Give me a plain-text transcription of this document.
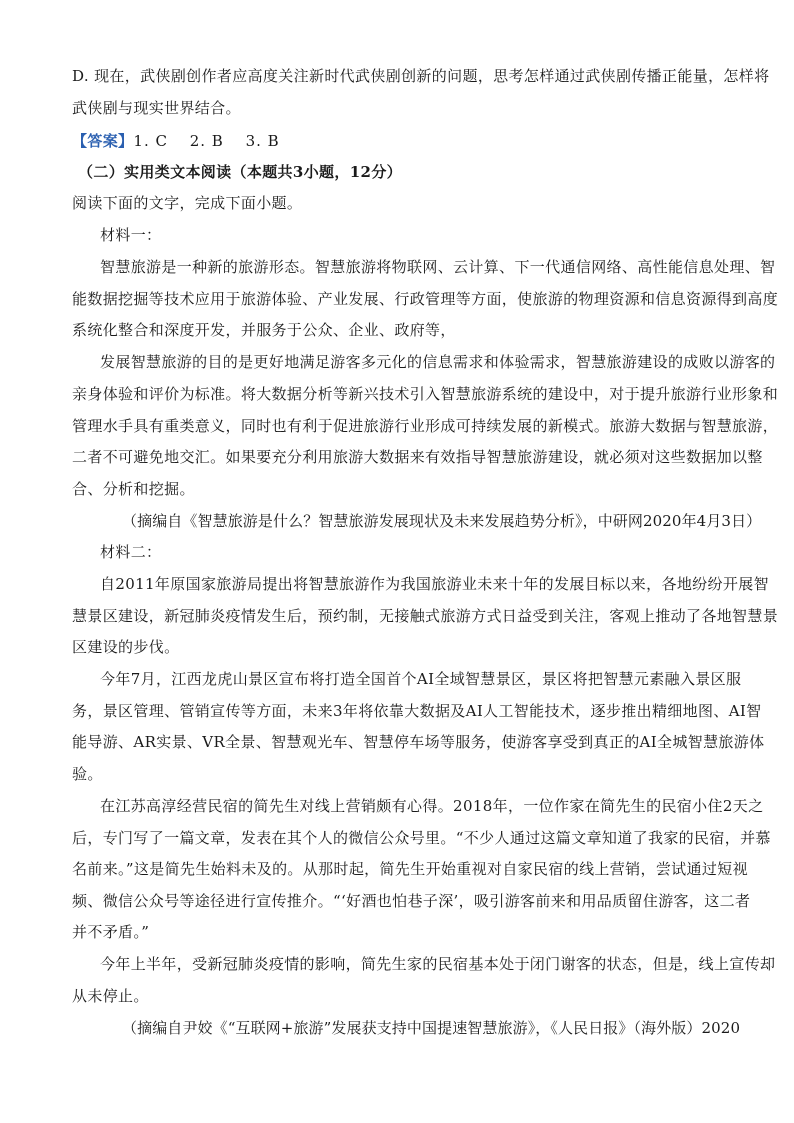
D. 现在，武侠剧创作者应高度关注新时代武侠剧创新的问题，思考怎样通过武侠剧传播正能量，怎样将
武侠剧与现实世界结合。
【答案】1. C　 2. B　 3. B
（二）实用类文本阅读（本题共3小题，12分）
阅读下面的文字，完成下面小题。
材料一：
智慧旅游是一种新的旅游形态。智慧旅游将物联网、云计算、下一代通信网络、高性能信息处理、智
能数据挖掘等技术应用于旅游体验、产业发展、行政管理等方面，使旅游的物理资源和信息资源得到高度
系统化整合和深度开发，并服务于公众、企业、政府等，
发展智慧旅游的目的是更好地满足游客多元化的信息需求和体验需求，智慧旅游建设的成败以游客的
亲身体验和评价为标准。将大数据分析等新兴技术引入智慧旅游系统的建设中，对于提升旅游行业形象和
管理水手具有重类意义，同时也有利于促进旅游行业形成可持续发展的新模式。旅游大数据与智慧旅游，
二者不可避免地交汇。如果要充分利用旅游大数据来有效指导智慧旅游建设，就必须对这些数据加以整
合、分析和挖掘。
（摘编自《智慧旅游是什么？智慧旅游发展现状及未来发展趋势分析》，中研网2020年4月3日）
材料二：
自2011年原国家旅游局提出将智慧旅游作为我国旅游业未来十年的发展目标以来，各地纷纷开展智
慧景区建设，新冠肺炎疫情发生后，预约制，无接触式旅游方式日益受到关注，客观上推动了各地智慧景
区建设的步伐。
今年7月，江西龙虎山景区宣布将打造全国首个AI全域智慧景区，景区将把智慧元素融入景区服
务，景区管理、管销宣传等方面，未来3年将依靠大数据及AI人工智能技术，逐步推出精细地图、AI智
能导游、AR实景、VR全景、智慧观光车、智慧停车场等服务，使游客享受到真正的AI全城智慧旅游体
验。
在江苏高淳经营民宿的简先生对线上营销颇有心得。2018年，一位作家在简先生的民宿小住2天之
后，专门写了一篇文章，发表在其个人的微信公众号里。“不少人通过这篇文章知道了我家的民宿，并慕
名前来。”这是简先生始料未及的。从那时起，简先生开始重视对自家民宿的线上营销，尝试通过短视
频、微信公众号等途径进行宣传推介。“‘好酒也怕巷子深’，吸引游客前来和用品质留住游客，这二者
并不矛盾。”
今年上半年，受新冠肺炎疫情的影响，简先生家的民宿基本处于闭门谢客的状态，但是，线上宣传却
从未停止。
（摘编自尹姣《“互联网+旅游”发展获支持中国提速智慧旅游》，《人民日报》（海外版）2020
